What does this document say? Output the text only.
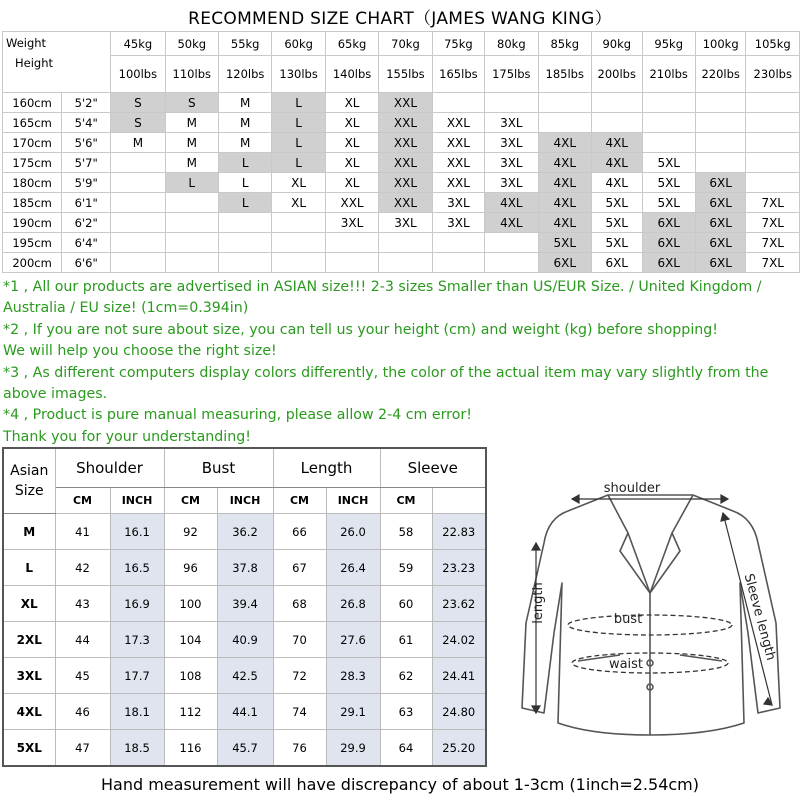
RECOMMEND SIZE CHART（JAMES WANG KING）
Weight
Height		45kg	50kg	55kg	60kg	65kg	70kg	75kg	80kg	85kg	90kg	95kg	100kg	105kg
		100lbs	110lbs	120lbs	130lbs	140lbs	155lbs	165lbs	175lbs	185lbs	200lbs	210lbs	220lbs	230lbs
160cm	5'2"	S	S	M	L	XL	XXL							
165cm	5'4"	S	M	M	L	XL	XXL	XXL	3XL					
170cm	5'6"	M	M	M	L	XL	XXL	XXL	3XL	4XL	4XL			
175cm	5'7"		M	L	L	XL	XXL	XXL	3XL	4XL	4XL	5XL		
180cm	5'9"		L	L	XL	XL	XXL	XXL	3XL	4XL	4XL	5XL	6XL	
185cm	6'1"			L	XL	XXL	XXL	3XL	4XL	4XL	5XL	5XL	6XL	7XL
190cm	6'2"					3XL	3XL	3XL	4XL	4XL	5XL	6XL	6XL	7XL
195cm	6'4"									5XL	5XL	6XL	6XL	7XL
200cm	6'6"									6XL	6XL	6XL	6XL	7XL

*1 , All our products are advertised in ASIAN size!!! 2-3 sizes Smaller than US/EUR Size. / United Kingdom / Australia / EU size! (1cm=0.394in)

*2 , If you are not sure about size, you can tell us your height (cm) and weight (kg) before shopping!

We will help you choose the right size!

*3 , As different computers display colors differently, the color of the actual item may vary slightly from the above images.

*4 , Product is pure manual measuring, please allow 2-4 cm error!

Thank you for your understanding!

Asian Size	Shoulder		Bust		Length		Sleeve	
	CM	INCH	CM	INCH	CM	INCH	CM	
M	41	16.1	92	36.2	66	26.0	58	22.83
L	42	16.5	96	37.8	67	26.4	59	23.23
XL	43	16.9	100	39.4	68	26.8	60	23.62
2XL	44	17.3	104	40.9	70	27.6	61	24.02
3XL	45	17.7	108	42.5	72	28.3	62	24.41
4XL	46	18.1	112	44.1	74	29.1	63	24.80
5XL	47	18.5	116	45.7	76	29.9	64	25.20
shoulder
length	bust
waist
Sleeve length
Hand measurement will have discrepancy of about 1-3cm (1inch=2.54cm)
